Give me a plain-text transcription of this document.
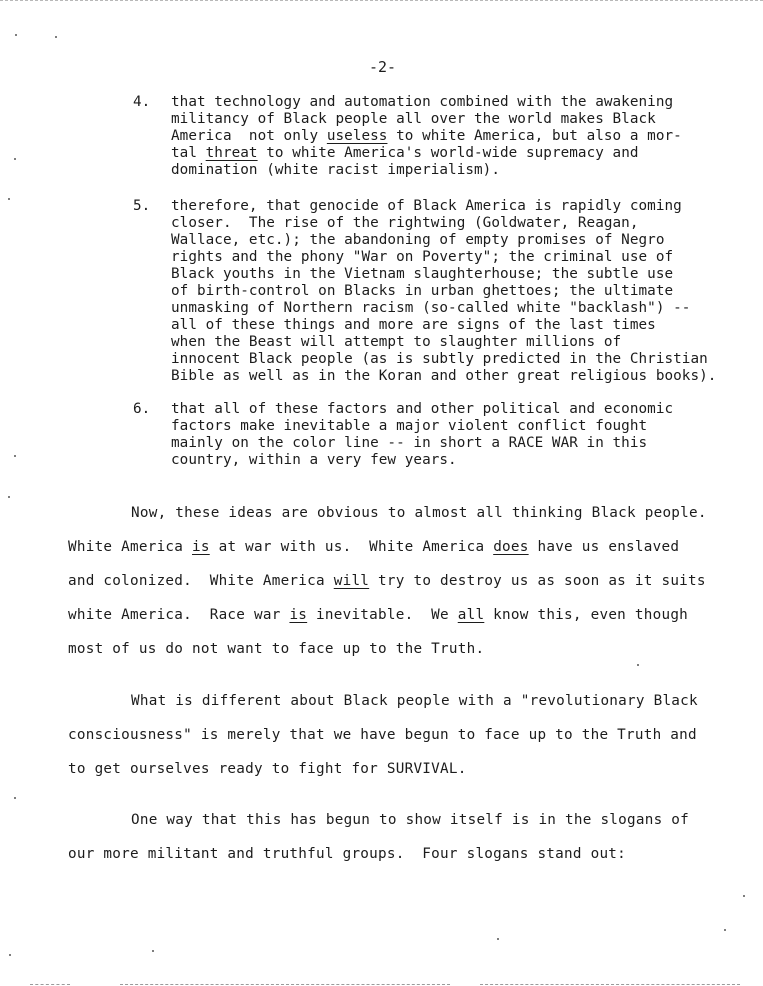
-2-
4. that technology and automation combined with the awakening
militancy of Black people all over the world makes Black
America  not only useless to white America, but also a mor-
tal threat to white America's world-wide supremacy and
domination (white racist imperialism).
5. therefore, that genocide of Black America is rapidly coming
closer.  The rise of the rightwing (Goldwater, Reagan,
Wallace, etc.); the abandoning of empty promises of Negro
rights and the phony "War on Poverty"; the criminal use of
Black youths in the Vietnam slaughterhouse; the subtle use
of birth-control on Blacks in urban ghettoes; the ultimate
unmasking of Northern racism (so-called white "backlash") --
all of these things and more are signs of the last times
when the Beast will attempt to slaughter millions of
innocent Black people (as is subtly predicted in the Christian
Bible as well as in the Koran and other great religious books).
6. that all of these factors and other political and economic
factors make inevitable a major violent conflict fought
mainly on the color line -- in short a RACE WAR in this
country, within a very few years.
Now, these ideas are obvious to almost all thinking Black people.
White America is at war with us.  White America does have us enslaved
and colonized.  White America will try to destroy us as soon as it suits
white America.  Race war is inevitable.  We all know this, even though
most of us do not want to face up to the Truth.
What is different about Black people with a "revolutionary Black
consciousness" is merely that we have begun to face up to the Truth and
to get ourselves ready to fight for SURVIVAL.
One way that this has begun to show itself is in the slogans of
our more militant and truthful groups.  Four slogans stand out:
